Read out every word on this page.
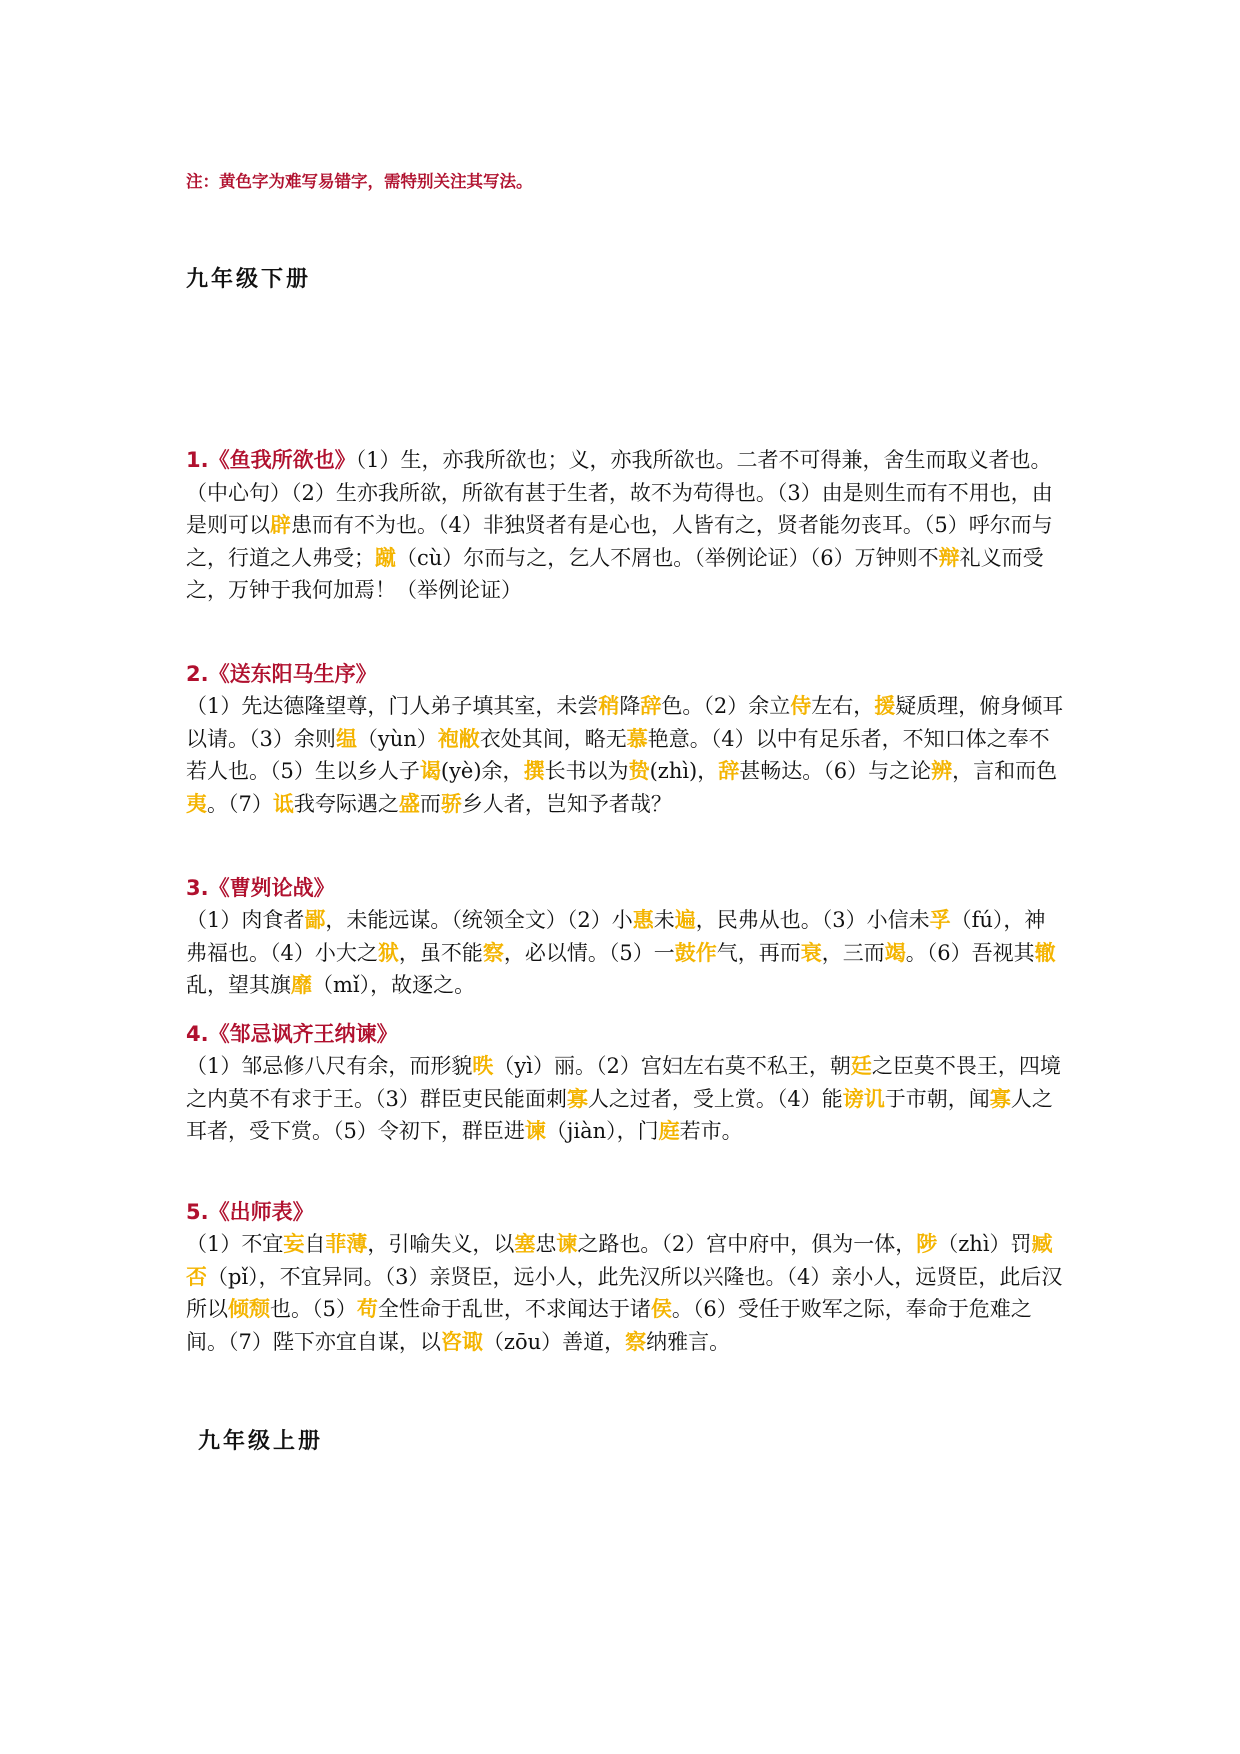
注：黄色字为难写易错字，需特别关注其写法。
九年级下册
1.《鱼我所欲也》（1）生，亦我所欲也；义，亦我所欲也。二者不可得兼，舍生而取义者也。（中心句）（2）生亦我所欲，所欲有甚于生者，故不为苟得也。（3）由是则生而有不用也，由是则可以辟患而有不为也。（4）非独贤者有是心也，人皆有之，贤者能勿丧耳。（5）呼尔而与之，行道之人弗受；蹴（cù）尔而与之，乞人不屑也。（举例论证）（6）万钟则不辩礼义而受之，万钟于我何加焉！（举例论证）

2.《送东阳马生序》

（1）先达德隆望尊，门人弟子填其室，未尝稍降辞色。（2）余立侍左右，援疑质理，俯身倾耳以请。（3）余则缊（yùn）袍敝衣处其间，略无慕艳意。（4）以中有足乐者，不知口体之奉不若人也。（5）生以乡人子谒(yè)余，撰长书以为贽(zhì)，辞甚畅达。（6）与之论辨，言和而色夷。（7）诋我夸际遇之盛而骄乡人者，岂知予者哉？

3.《曹刿论战》

（1）肉食者鄙，未能远谋。（统领全文）（2）小惠未遍，民弗从也。（3）小信未孚（fú），神弗福也。（4）小大之狱，虽不能察，必以情。（5）一鼓作气，再而衰，三而竭。（6）吾视其辙乱，望其旗靡（mǐ），故逐之。

4.《邹忌讽齐王纳谏》

（1）邹忌修八尺有余，而形貌昳（yì）丽。（2）宫妇左右莫不私王，朝廷之臣莫不畏王，四境之内莫不有求于王。（3）群臣吏民能面刺寡人之过者，受上赏。（4）能谤讥于市朝，闻寡人之耳者，受下赏。（5）令初下，群臣进谏（jiàn），门庭若市。

5.《出师表》

（1）不宜妄自菲薄，引喻失义，以塞忠谏之路也。（2）宫中府中，俱为一体，陟（zhì）罚臧否（pǐ），不宜异同。（3）亲贤臣，远小人，此先汉所以兴隆也。（4）亲小人，远贤臣，此后汉所以倾颓也。（5）苟全性命于乱世，不求闻达于诸侯。（6）受任于败军之际，奉命于危难之间。（7）陛下亦宜自谋，以咨诹（zōu）善道，察纳雅言。

九年级上册
